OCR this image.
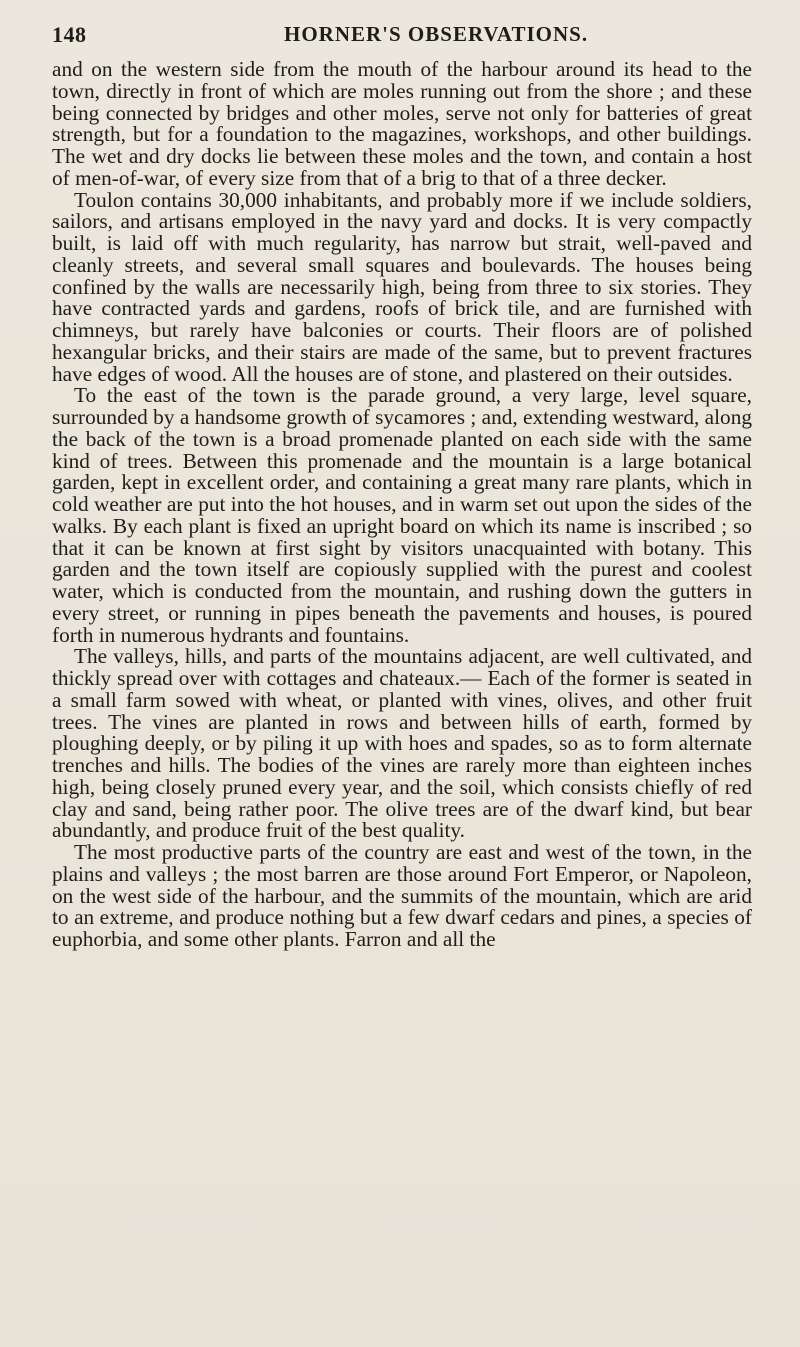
148	HORNER'S OBSERVATIONS.

and on the western side from the mouth of the harbour around its head to the town, directly in front of which are moles running out from the shore ; and these being connected by bridges and other moles, serve not only for batteries of great strength, but for a foundation to the magazines, workshops, and other buildings. The wet and dry docks lie between these moles and the town, and contain a host of men-of-war, of every size from that of a brig to that of a three decker.

Toulon contains 30,000 inhabitants, and probably more if we include soldiers, sailors, and artisans employed in the navy yard and docks. It is very compactly built, is laid off with much regularity, has narrow but strait, well-paved and cleanly streets, and several small squares and boulevards. The houses being confined by the walls are necessarily high, being from three to six stories. They have contracted yards and gardens, roofs of brick tile, and are furnished with chimneys, but rarely have balconies or courts. Their floors are of polished hexangular bricks, and their stairs are made of the same, but to prevent fractures have edges of wood. All the houses are of stone, and plastered on their outsides.

To the east of the town is the parade ground, a very large, level square, surrounded by a handsome growth of sycamores ; and, extending westward, along the back of the town is a broad promenade planted on each side with the same kind of trees. Between this promenade and the mountain is a large botanical garden, kept in excellent order, and containing a great many rare plants, which in cold weather are put into the hot houses, and in warm set out upon the sides of the walks. By each plant is fixed an upright board on which its name is inscribed ; so that it can be known at first sight by visitors unacquainted with botany. This garden and the town itself are copiously supplied with the purest and coolest water, which is conducted from the mountain, and rushing down the gutters in every street, or running in pipes beneath the pavements and houses, is poured forth in numerous hydrants and fountains.

The valleys, hills, and parts of the mountains adjacent, are well cultivated, and thickly spread over with cottages and chateaux.— Each of the former is seated in a small farm sowed with wheat, or planted with vines, olives, and other fruit trees. The vines are planted in rows and between hills of earth, formed by ploughing deeply, or by piling it up with hoes and spades, so as to form alternate trenches and hills. The bodies of the vines are rarely more than eighteen inches high, being closely pruned every year, and the soil, which consists chiefly of red clay and sand, being rather poor. The olive trees are of the dwarf kind, but bear abundantly, and produce fruit of the best quality.

The most productive parts of the country are east and west of the town, in the plains and valleys ; the most barren are those around Fort Emperor, or Napoleon, on the west side of the harbour, and the summits of the mountain, which are arid to an extreme, and produce nothing but a few dwarf cedars and pines, a species of euphorbia, and some other plants. Farron and all the
